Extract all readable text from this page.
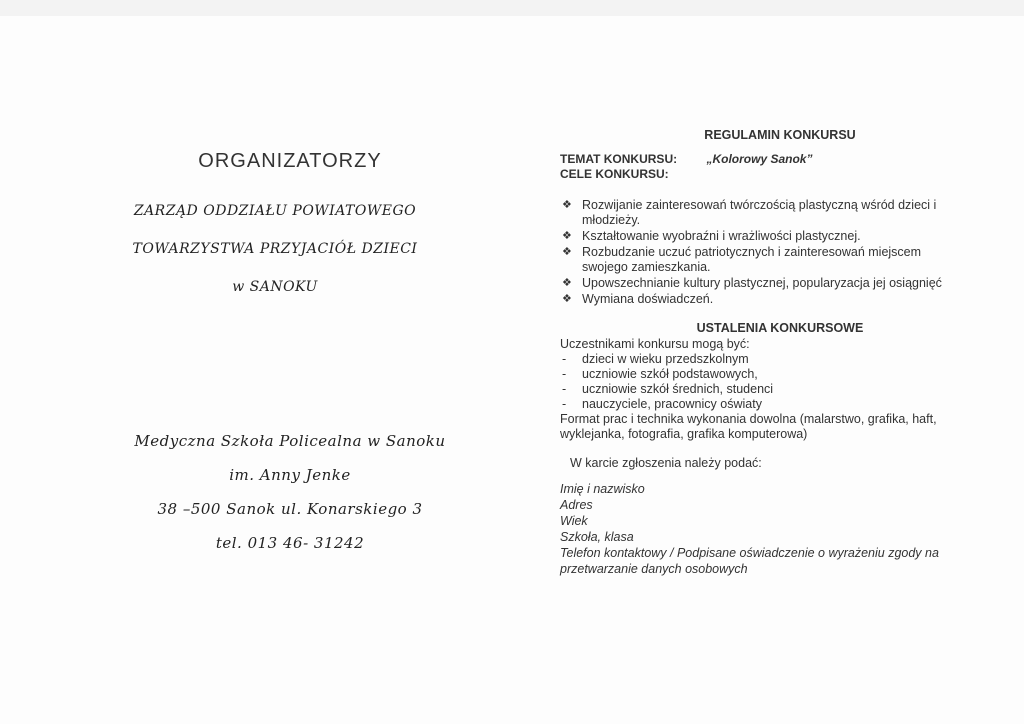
ORGANIZATORZY
ZARZĄD ODDZIAŁU POWIATOWEGO
TOWARZYSTWA PRZYJACIÓŁ DZIECI
w SANOKU
Medyczna Szkoła Policealna w Sanoku
im. Anny Jenke
38 –500 Sanok ul. Konarskiego 3
tel. 013 46- 31242
REGULAMIN KONKURSU
TEMAT KONKURSU: „Kolorowy Sanok”
CELE KONKURSU:
❖ Rozwijanie zainteresowań twórczością plastyczną wśród dzieci i młodzieży.
❖ Kształtowanie wyobraźni i wrażliwości plastycznej.
❖ Rozbudzanie uczuć patriotycznych i zainteresowań miejscem swojego zamieszkania.
❖ Upowszechnianie kultury plastycznej, popularyzacja jej osiągnięć
❖ Wymiana doświadczeń.
USTALENIA KONKURSOWE
Uczestnikami konkursu mogą być:
- dzieci w wieku przedszkolnym
- uczniowie szkół podstawowych,
- uczniowie szkół średnich, studenci
- nauczyciele, pracownicy oświaty
Format prac i technika wykonania dowolna (malarstwo, grafika, haft, wyklejanka, fotografia, grafika komputerowa)
W karcie zgłoszenia należy podać:
Imię i nazwisko
Adres
Wiek
Szkoła, klasa
Telefon kontaktowy / Podpisane oświadczenie o wyrażeniu zgody na przetwarzanie danych osobowych
